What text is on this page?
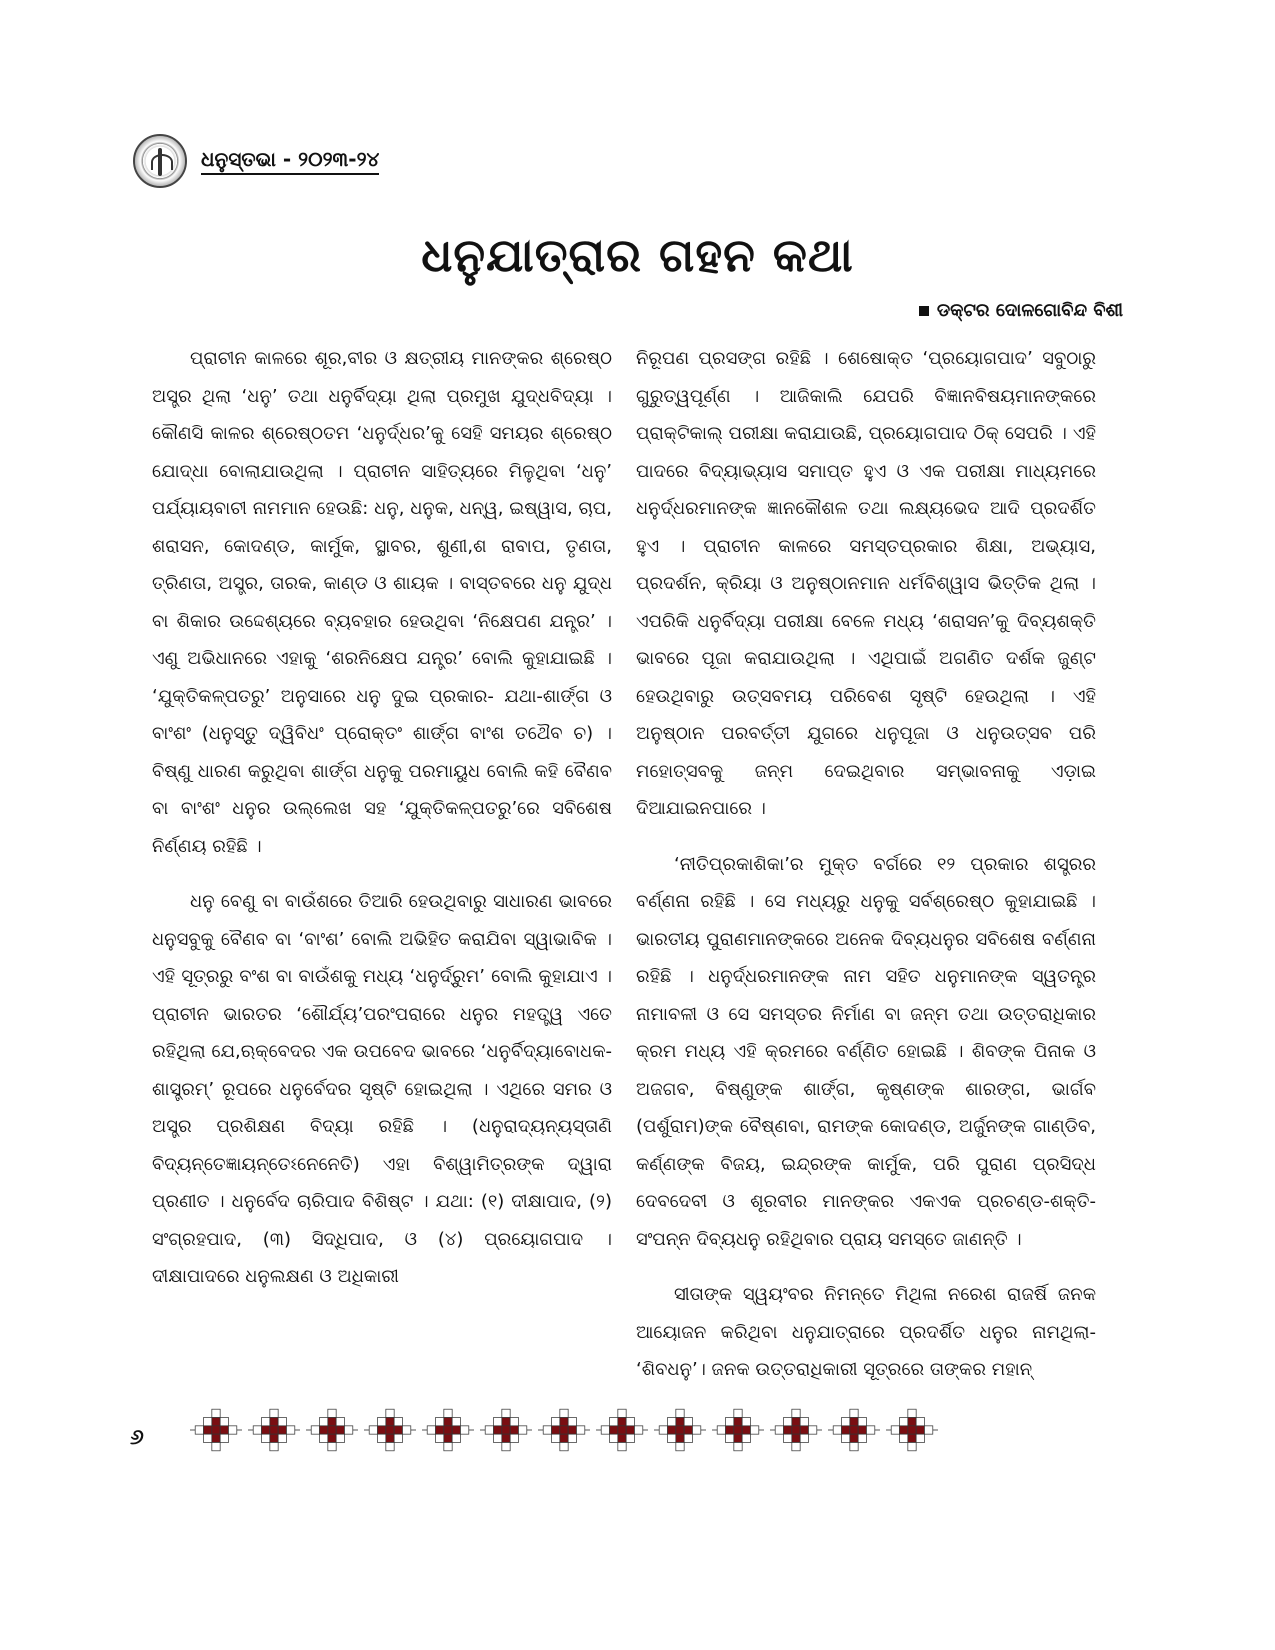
ଧନୁସ୍ତଭା - ୨୦୨୩-୨୪
ଧନୁଯାତ୍ରାର ଗହନ କଥା
ଡକ୍ଟର ଦୋଳଗୋବିନ୍ଦ ବିଶୀ

ପ୍ରାଚୀନ କାଳରେ ଶୂର,ବୀର ଓ କ୍ଷତ୍ରୀୟ ମାନଙ୍କର ଶ୍ରେଷ୍ଠ ଅସ୍ତ୍ର ଥିଲା ‘ଧନୁ’ ତଥା ଧନୁର୍ବିଦ୍ୟା ଥିଲା ପ୍ରମୁଖ ଯୁଦ୍ଧବିଦ୍ୟା । କୌଣସି କାଳର ଶ୍ରେଷ୍ଠତମ ‘ଧନୁର୍ଦ୍ଧର’କୁ ସେହି ସମୟର ଶ୍ରେଷ୍ଠ ଯୋଦ୍ଧା ବୋଲାଯାଉଥିଲା । ପ୍ରାଚୀନ ସାହିତ୍ୟରେ ମିଳୁଥିବା ‘ଧନୁ’ ପର୍ଯ୍ୟାୟବାଚୀ ନାମମାନ ହେଉଛି: ଧନୁ, ଧନୁକ, ଧନ୍ୱ, ଇଷ୍ୱାସ, ଚାପ, ଶରାସନ, କୋଦଣ୍ଡ, କାର୍ମୁକ, ସ୍ଥାବର, ଶୁଣୀ,ଶ ରାବାପ, ତୃଣତା, ତ୍ରିଣତା, ଅସ୍ତ୍ର, ତାରକ, କାଣ୍ଡ ଓ ଶାୟକ । ବାସ୍ତବରେ ଧନୁ ଯୁଦ୍ଧ ବା ଶିକାର ଉଦ୍ଦେଶ୍ୟରେ ବ୍ୟବହାର ହେଉଥିବା ‘ନିକ୍ଷେପଣ ଯନ୍ତ୍ର’ । ଏଣୁ ଅଭିଧାନରେ ଏହାକୁ ‘ଶରନିକ୍ଷେପ ଯନ୍ତ୍ର’ ବୋଲି କୁହାଯାଇଛି । ‘ଯୁକ୍ତିକଳ୍ପତରୁ’ ଅନୁସାରେ ଧନୁ ଦୁଇ ପ୍ରକାର- ଯଥା-ଶାର୍ଙ୍ଗ ଓ ବାଂଶଂ (ଧନୁସ୍ତୁ ଦ୍ୱିବିଧଂ ପ୍ରୋକ୍ତଂ ଶାର୍ଙ୍ଗ ବାଂଶ ତଥୈବ ଚ) । ବିଷ୍ଣୁ ଧାରଣ କରୁଥିବା ଶାର୍ଙ୍ଗ ଧନୁକୁ ପରମାୟୁଧ ବୋଲି କହି ବୈଣବ ବା ବାଂଶଂ ଧନୁର ଉଲ୍ଲେଖ ସହ ‘ଯୁକ୍ତିକଳ୍ପତରୁ’ରେ ସବିଶେଷ ନିର୍ଣ୍ଣୟ ରହିଛି ।

ଧନୁ ବେଣୁ ବା ବାଉଁଶରେ ତିଆରି ହେଉଥିବାରୁ ସାଧାରଣ ଭାବରେ ଧନୁସବୁକୁ ବୈଣବ ବା ‘ବାଂଶ’ ବୋଲି ଅଭିହିତ କରାଯିବା ସ୍ୱାଭାବିକ । ଏହି ସୂତ୍ରରୁ ବଂଶ ବା ବାଉଁଶକୁ ମଧ୍ୟ ‘ଧନୁର୍ଦ୍ରୁମ’ ବୋଲି କୁହାଯାଏ । ପ୍ରାଚୀନ ଭାରତର ‘ଶୌର୍ଯ୍ୟ’ପରଂପରାରେ ଧନୁର ମହତ୍ତ୍ୱ ଏତେ ରହିଥିଲା ଯେ,ଋକ୍‌ବେଦର ଏକ ଉପବେଦ ଭାବରେ ‘ଧନୁର୍ବିଦ୍ୟାବୋଧକ-ଶାସ୍ତ୍ରମ୍’ ରୂପରେ ଧନୁର୍ବେଦର ସୃଷ୍ଟି ହୋଇଥିଲା । ଏଥିରେ ସମର ଓ ଅସ୍ତ୍ର ପ୍ରଶିକ୍ଷଣ ବିଦ୍ୟା ରହିଛି । (ଧନୁରାଦ୍ୟନ୍ୟସ୍ତାଣି ବିଦ୍ୟନ୍ତେଜ୍ଞାୟନ୍ତେଽନେନେତି) ଏହା ବିଶ୍ୱାମିତ୍ରଙ୍କ ଦ୍ୱାରା ପ୍ରଣୀତ । ଧନୁର୍ବେଦ ଚାରିପାଦ ବିଶିଷ୍ଟ । ଯଥା: (୧) ଦୀକ୍ଷାପାଦ, (୨) ସଂଗ୍ରହପାଦ, (୩) ସିଦ୍ଧିପାଦ, ଓ (୪) ପ୍ରୟୋଗପାଦ । ଦୀକ୍ଷାପାଦରେ ଧନୁଲକ୍ଷଣ ଓ ଅଧିକାରୀ

ନିରୂପଣ ପ୍ରସଙ୍ଗ ରହିଛି । ଶେଷୋକ୍ତ ‘ପ୍ରୟୋଗପାଦ’ ସବୁଠାରୁ ଗୁରୁତ୍ୱପୂର୍ଣ୍ଣ । ଆଜିକାଲି ଯେପରି ବିଜ୍ଞାନବିଷୟମାନଙ୍କରେ ପ୍ରାକ୍ଟିକାଲ୍ ପରୀକ୍ଷା କରାଯାଉଛି, ପ୍ରୟୋଗପାଦ ଠିକ୍ ସେପରି । ଏହି ପାଦରେ ବିଦ୍ୟାଭ୍ୟାସ ସମାପ୍ତ ହୁଏ ଓ ଏକ ପରୀକ୍ଷା ମାଧ୍ୟମରେ ଧନୁର୍ଦ୍ଧରମାନଙ୍କ ଜ୍ଞାନକୌଶଳ ତଥା ଲକ୍ଷ୍ୟଭେଦ ଆଦି ପ୍ରଦର୍ଶିତ ହୁଏ । ପ୍ରାଚୀନ କାଳରେ ସମସ୍ତପ୍ରକାର ଶିକ୍ଷା, ଅଭ୍ୟାସ, ପ୍ରଦର୍ଶନ, କ୍ରିୟା ଓ ଅନୁଷ୍ଠାନମାନ ଧର୍ମବିଶ୍ୱାସ ଭିତ୍ତିକ ଥିଲା । ଏପରିକି ଧନୁର୍ବିଦ୍ୟା ପରୀକ୍ଷା ବେଳେ ମଧ୍ୟ ‘ଶରାସନ’କୁ ଦିବ୍ୟଶକ୍ତି ଭାବରେ ପୂଜା କରାଯାଉଥିଲା । ଏଥିପାଇଁ ଅଗଣିତ ଦର୍ଶକ ଜୁଣ୍ଟ ହେଉଥିବାରୁ ଉତ୍ସବମୟ ପରିବେଶ ସୃଷ୍ଟି ହେଉଥିଲା । ଏହି ଅନୁଷ୍ଠାନ ପରବର୍ତ୍ତୀ ଯୁଗରେ ଧନୁପୂଜା ଓ ଧନୁଉତ୍ସବ ପରି ମହୋତ୍ସବକୁ ଜନ୍ମ ଦେଇଥିବାର ସମ୍ଭାବନାକୁ ଏଡ଼ାଇ ଦିଆଯାଇନପାରେ ।

‘ନୀତିପ୍ରକାଶିକା’ର ମୁକ୍ତ ବର୍ଗରେ ୧୨ ପ୍ରକାର ଶସ୍ତ୍ରର ବର୍ଣ୍ଣନା ରହିଛି । ସେ ମଧ୍ୟରୁ ଧନୁକୁ ସର୍ବଶ୍ରେଷ୍ଠ କୁହାଯାଇଛି । ଭାରତୀୟ ପୁରାଣମାନଙ୍କରେ ଅନେକ ଦିବ୍ୟଧନୁର ସବିଶେଷ ବର୍ଣ୍ଣନା ରହିଛି । ଧନୁର୍ଦ୍ଧରମାନଙ୍କ ନାମ ସହିତ ଧନୁମାନଙ୍କ ସ୍ୱତନ୍ତ୍ର ନାମାବଳୀ ଓ ସେ ସମସ୍ତର ନିର୍ମାଣ ବା ଜନ୍ମ ତଥା ଉତ୍ତରାଧିକାର କ୍ରମ ମଧ୍ୟ ଏହି କ୍ରମରେ ବର୍ଣ୍ଣିତ ହୋଇଛି । ଶିବଙ୍କ ପିନାକ ଓ ଅଜଗବ, ବିଷ୍ଣୁଙ୍କ ଶାର୍ଙ୍ଗ, କୃଷ୍ଣଙ୍କ ଶାରଙ୍ଗ, ଭାର୍ଗବ (ପର୍ଶୁରାମ)ଙ୍କ ବୈଷ୍ଣବା, ରାମଙ୍କ କୋଦଣ୍ଡ, ଅର୍ଜୁନଙ୍କ ଗାଣ୍ଡିବ, କର୍ଣ୍ଣଙ୍କ ବିଜୟ, ଇନ୍ଦ୍ରଙ୍କ କାର୍ମୁକ, ପରି ପୁରାଣ ପ୍ରସିଦ୍ଧ ଦେବଦେବୀ ଓ ଶୂରବୀର ମାନଙ୍କର ଏକଏକ ପ୍ରଚଣ୍ଡ-ଶକ୍ତି-ସଂପନ୍ନ ଦିବ୍ୟଧନୁ ରହିଥିବାର ପ୍ରାୟ ସମସ୍ତେ ଜାଣନ୍ତି ।

ସୀତାଙ୍କ ସ୍ୱୟଂବର ନିମନ୍ତେ ମିଥିଳା ନରେଶ ରାଜର୍ଷି ଜନକ ଆୟୋଜନ କରିଥିବା ଧନୁଯାତ୍ରାରେ ପ୍ରଦର୍ଶିତ ଧନୁର ନାମଥିଲା- ‘ଶିବଧନୁ’। ଜନକ ଉତ୍ତରାଧିକାରୀ ସୂତ୍ରରେ ତାଙ୍କର ମହାନ୍

୬
